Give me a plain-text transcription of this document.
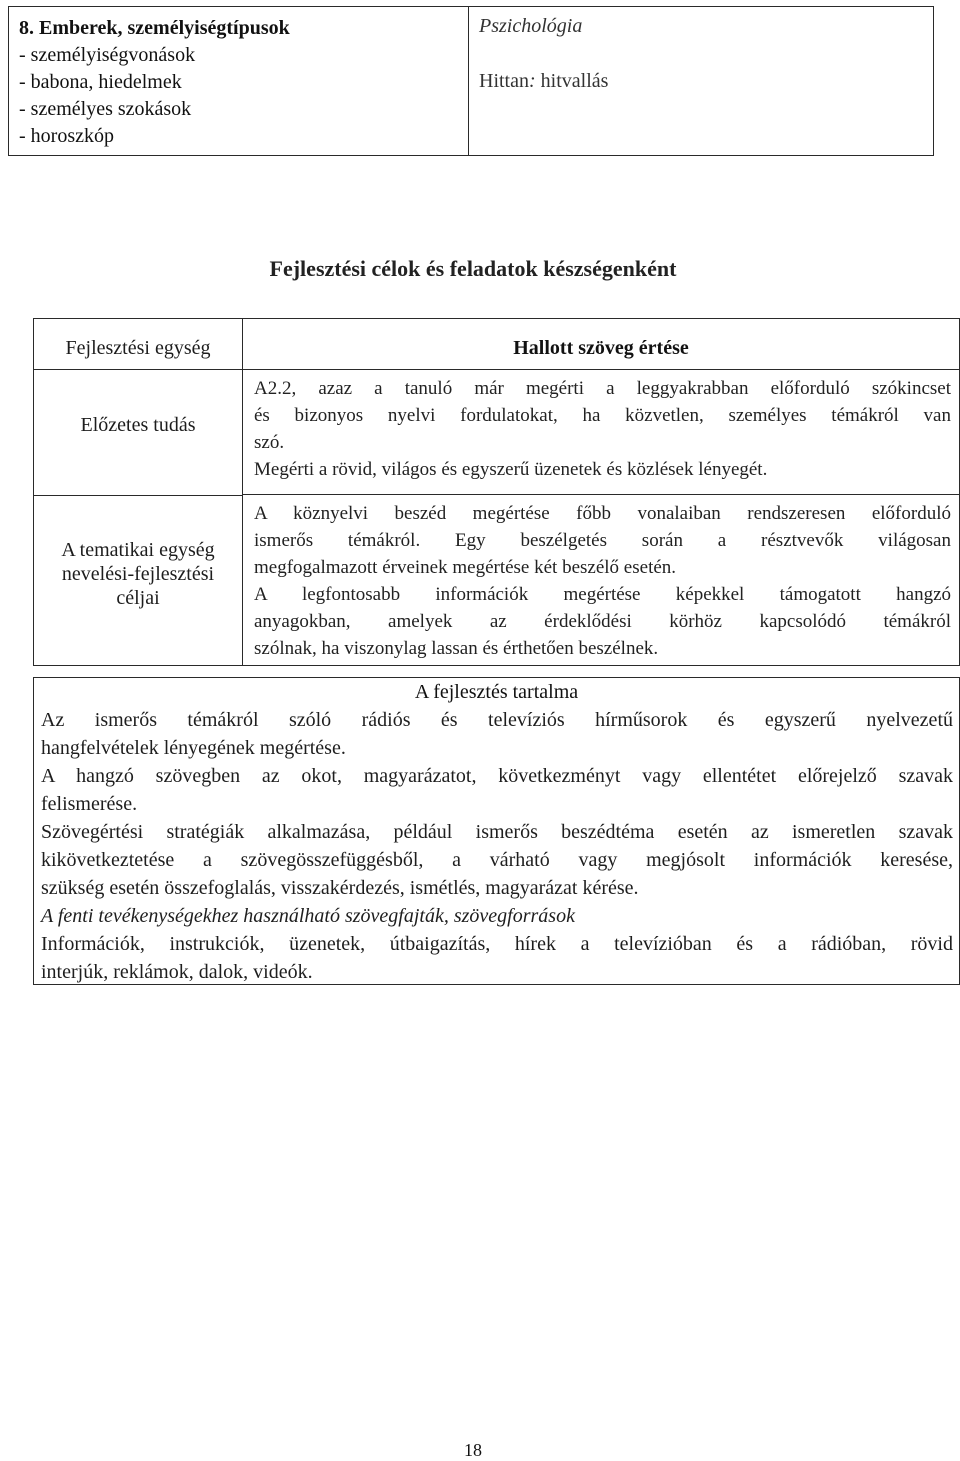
8. Emberek, személyiségtípusok
- személyiségvonások
- babona, hiedelmek
- személyes szokások
- horoszkóp
Pszichológia
Hittan: hitvallás
Fejlesztési célok és feladatok készségenként
Fejlesztési egység
Előzetes tudás
A tematikai egység
nevelési-fejlesztési
céljai
Hallott szöveg értése
A2.2, azaz a tanuló már megérti a leggyakrabban előforduló szókincset
és bizonyos nyelvi fordulatokat, ha közvetlen, személyes témákról van
szó.
Megérti a rövid, világos és egyszerű üzenetek és közlések lényegét.
A köznyelvi beszéd megértése főbb vonalaiban rendszeresen előforduló
ismerős témákról. Egy beszélgetés során a résztvevők világosan
megfogalmazott érveinek megértése két beszélő esetén.
A legfontosabb információk megértése képekkel támogatott hangzó
anyagokban, amelyek az érdeklődési körhöz kapcsolódó témákról
szólnak, ha viszonylag lassan és érthetően beszélnek.
A fejlesztés tartalma
Az ismerős témákról szóló rádiós és televíziós hírműsorok és egyszerű nyelvezetű
hangfelvételek lényegének megértése.
A hangzó szövegben az okot, magyarázatot, következményt vagy ellentétet előrejelző szavak
felismerése.
Szövegértési stratégiák alkalmazása, például ismerős beszédtéma esetén az ismeretlen szavak
kikövetkeztetése a szövegösszefüggésből, a várható vagy megjósolt információk keresése,
szükség esetén összefoglalás, visszakérdezés, ismétlés, magyarázat kérése.
A fenti tevékenységekhez használható szövegfajták, szövegforrások
Információk, instrukciók, üzenetek, útbaigazítás, hírek a televízióban és a rádióban, rövid
interjúk, reklámok, dalok, videók.
18
